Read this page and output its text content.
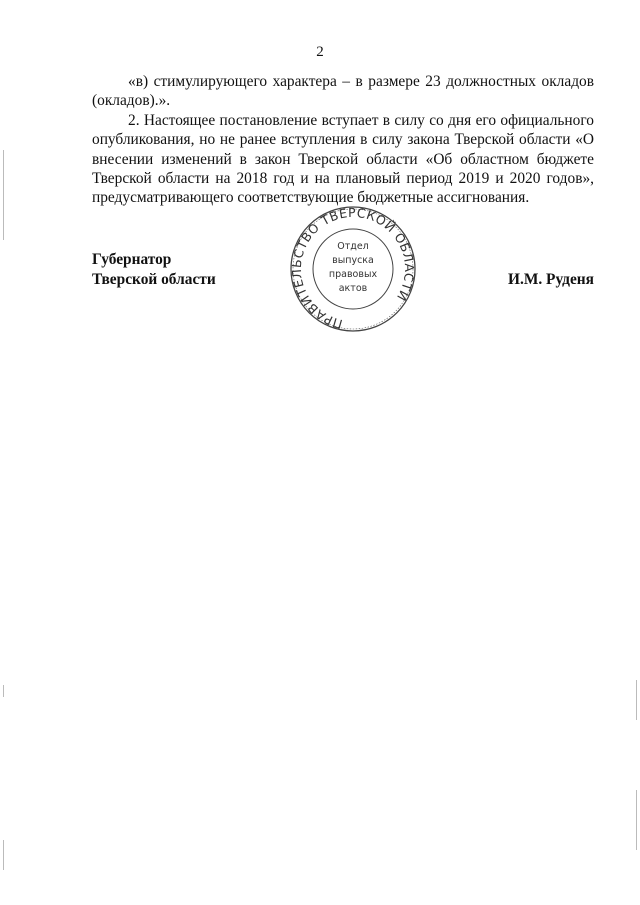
2

«в) стимулирующего характера – в размере 23 должностных окладов (окладов).».

2. Настоящее постановление вступает в силу со дня его официального опубликования, но не ранее вступления в силу закона Тверской области «О внесении изменений в закон Тверской области «Об областном бюджете Тверской области на 2018 год и на плановый период 2019 и 2020 годов», предусматривающего соответствующие бюджетные ассигнования.

Губернатор
Тверской области	И.М. Руденя
ПРАВИТЕЛЬСТВО ТВЕРСКОЙ ОБЛАСТИ
Отдел
выпуска
правовых
актов
